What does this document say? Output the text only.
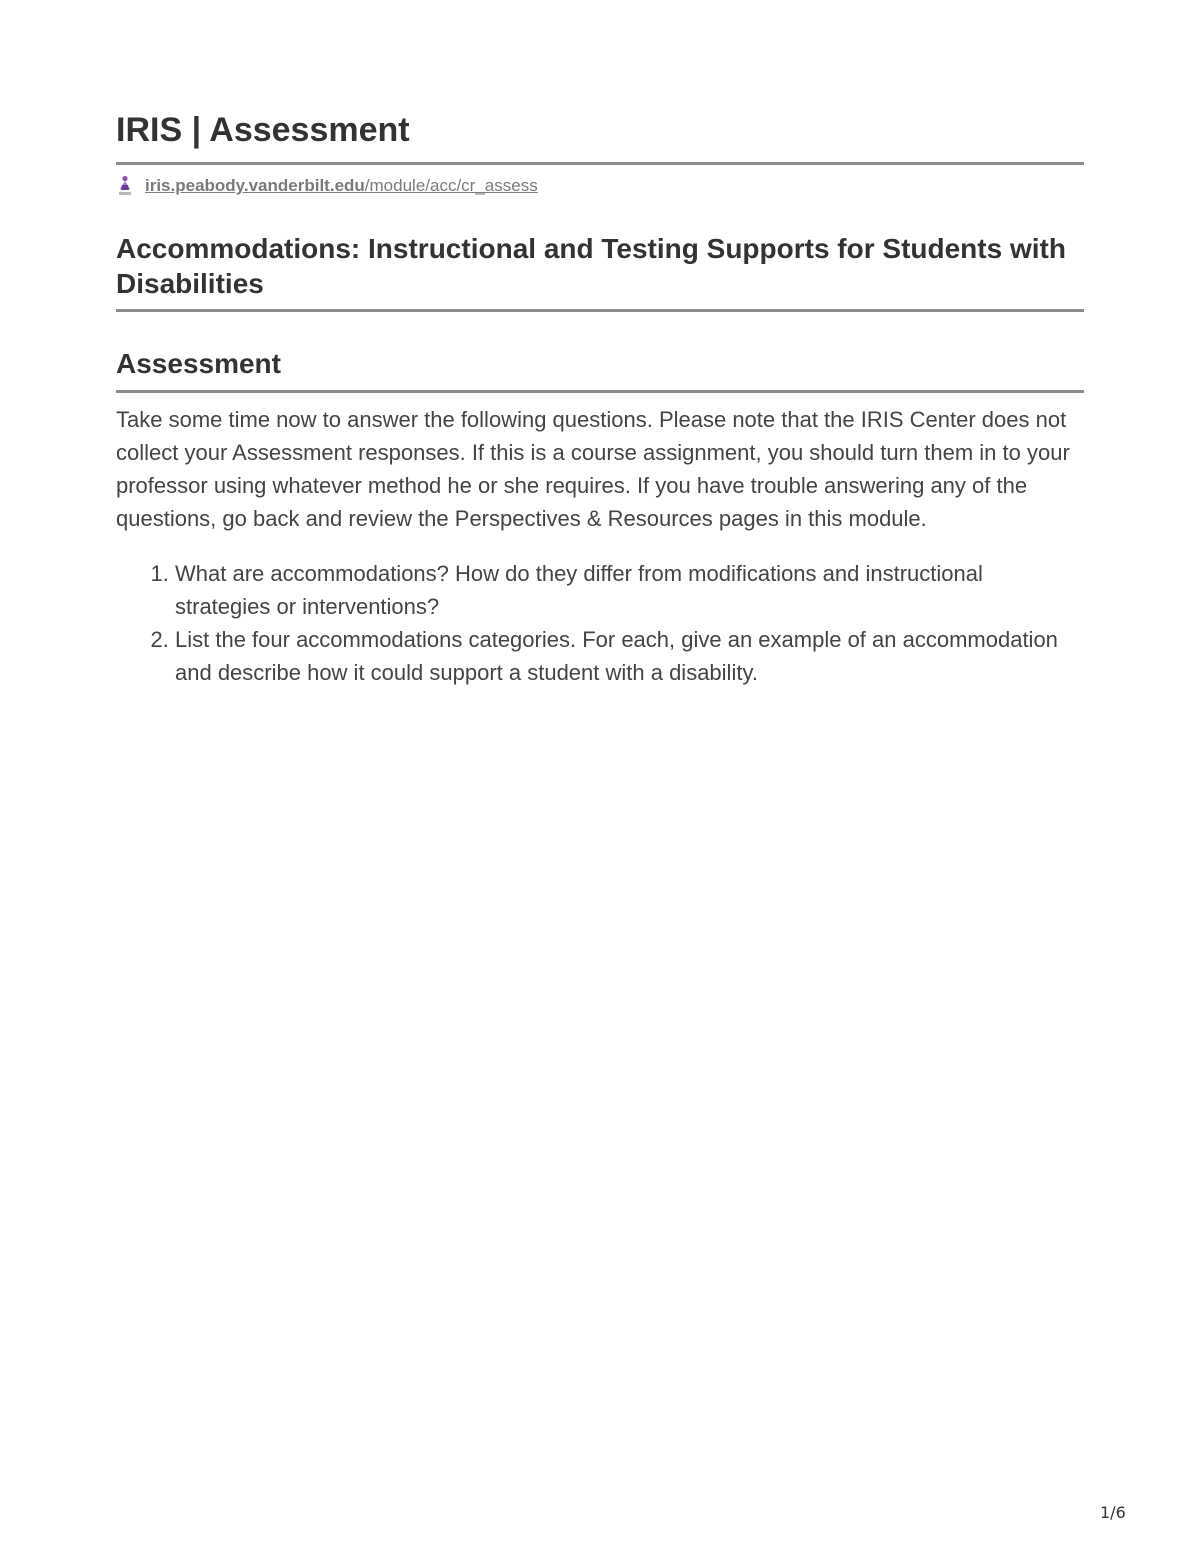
IRIS | Assessment
iris.peabody.vanderbilt.edu/module/acc/cr_assess
Accommodations: Instructional and Testing Supports for Students with Disabilities
Assessment

Take some time now to answer the following questions. Please note that the IRIS Center does not collect your Assessment responses. If this is a course assignment, you should turn them in to your professor using whatever method he or she requires. If you have trouble answering any of the questions, go back and review the Perspectives & Resources pages in this module.

1. What are accommodations? How do they differ from modifications and instructional strategies or interventions?
2. List the four accommodations categories. For each, give an example of an accommodation and describe how it could support a student with a disability.
1/6
